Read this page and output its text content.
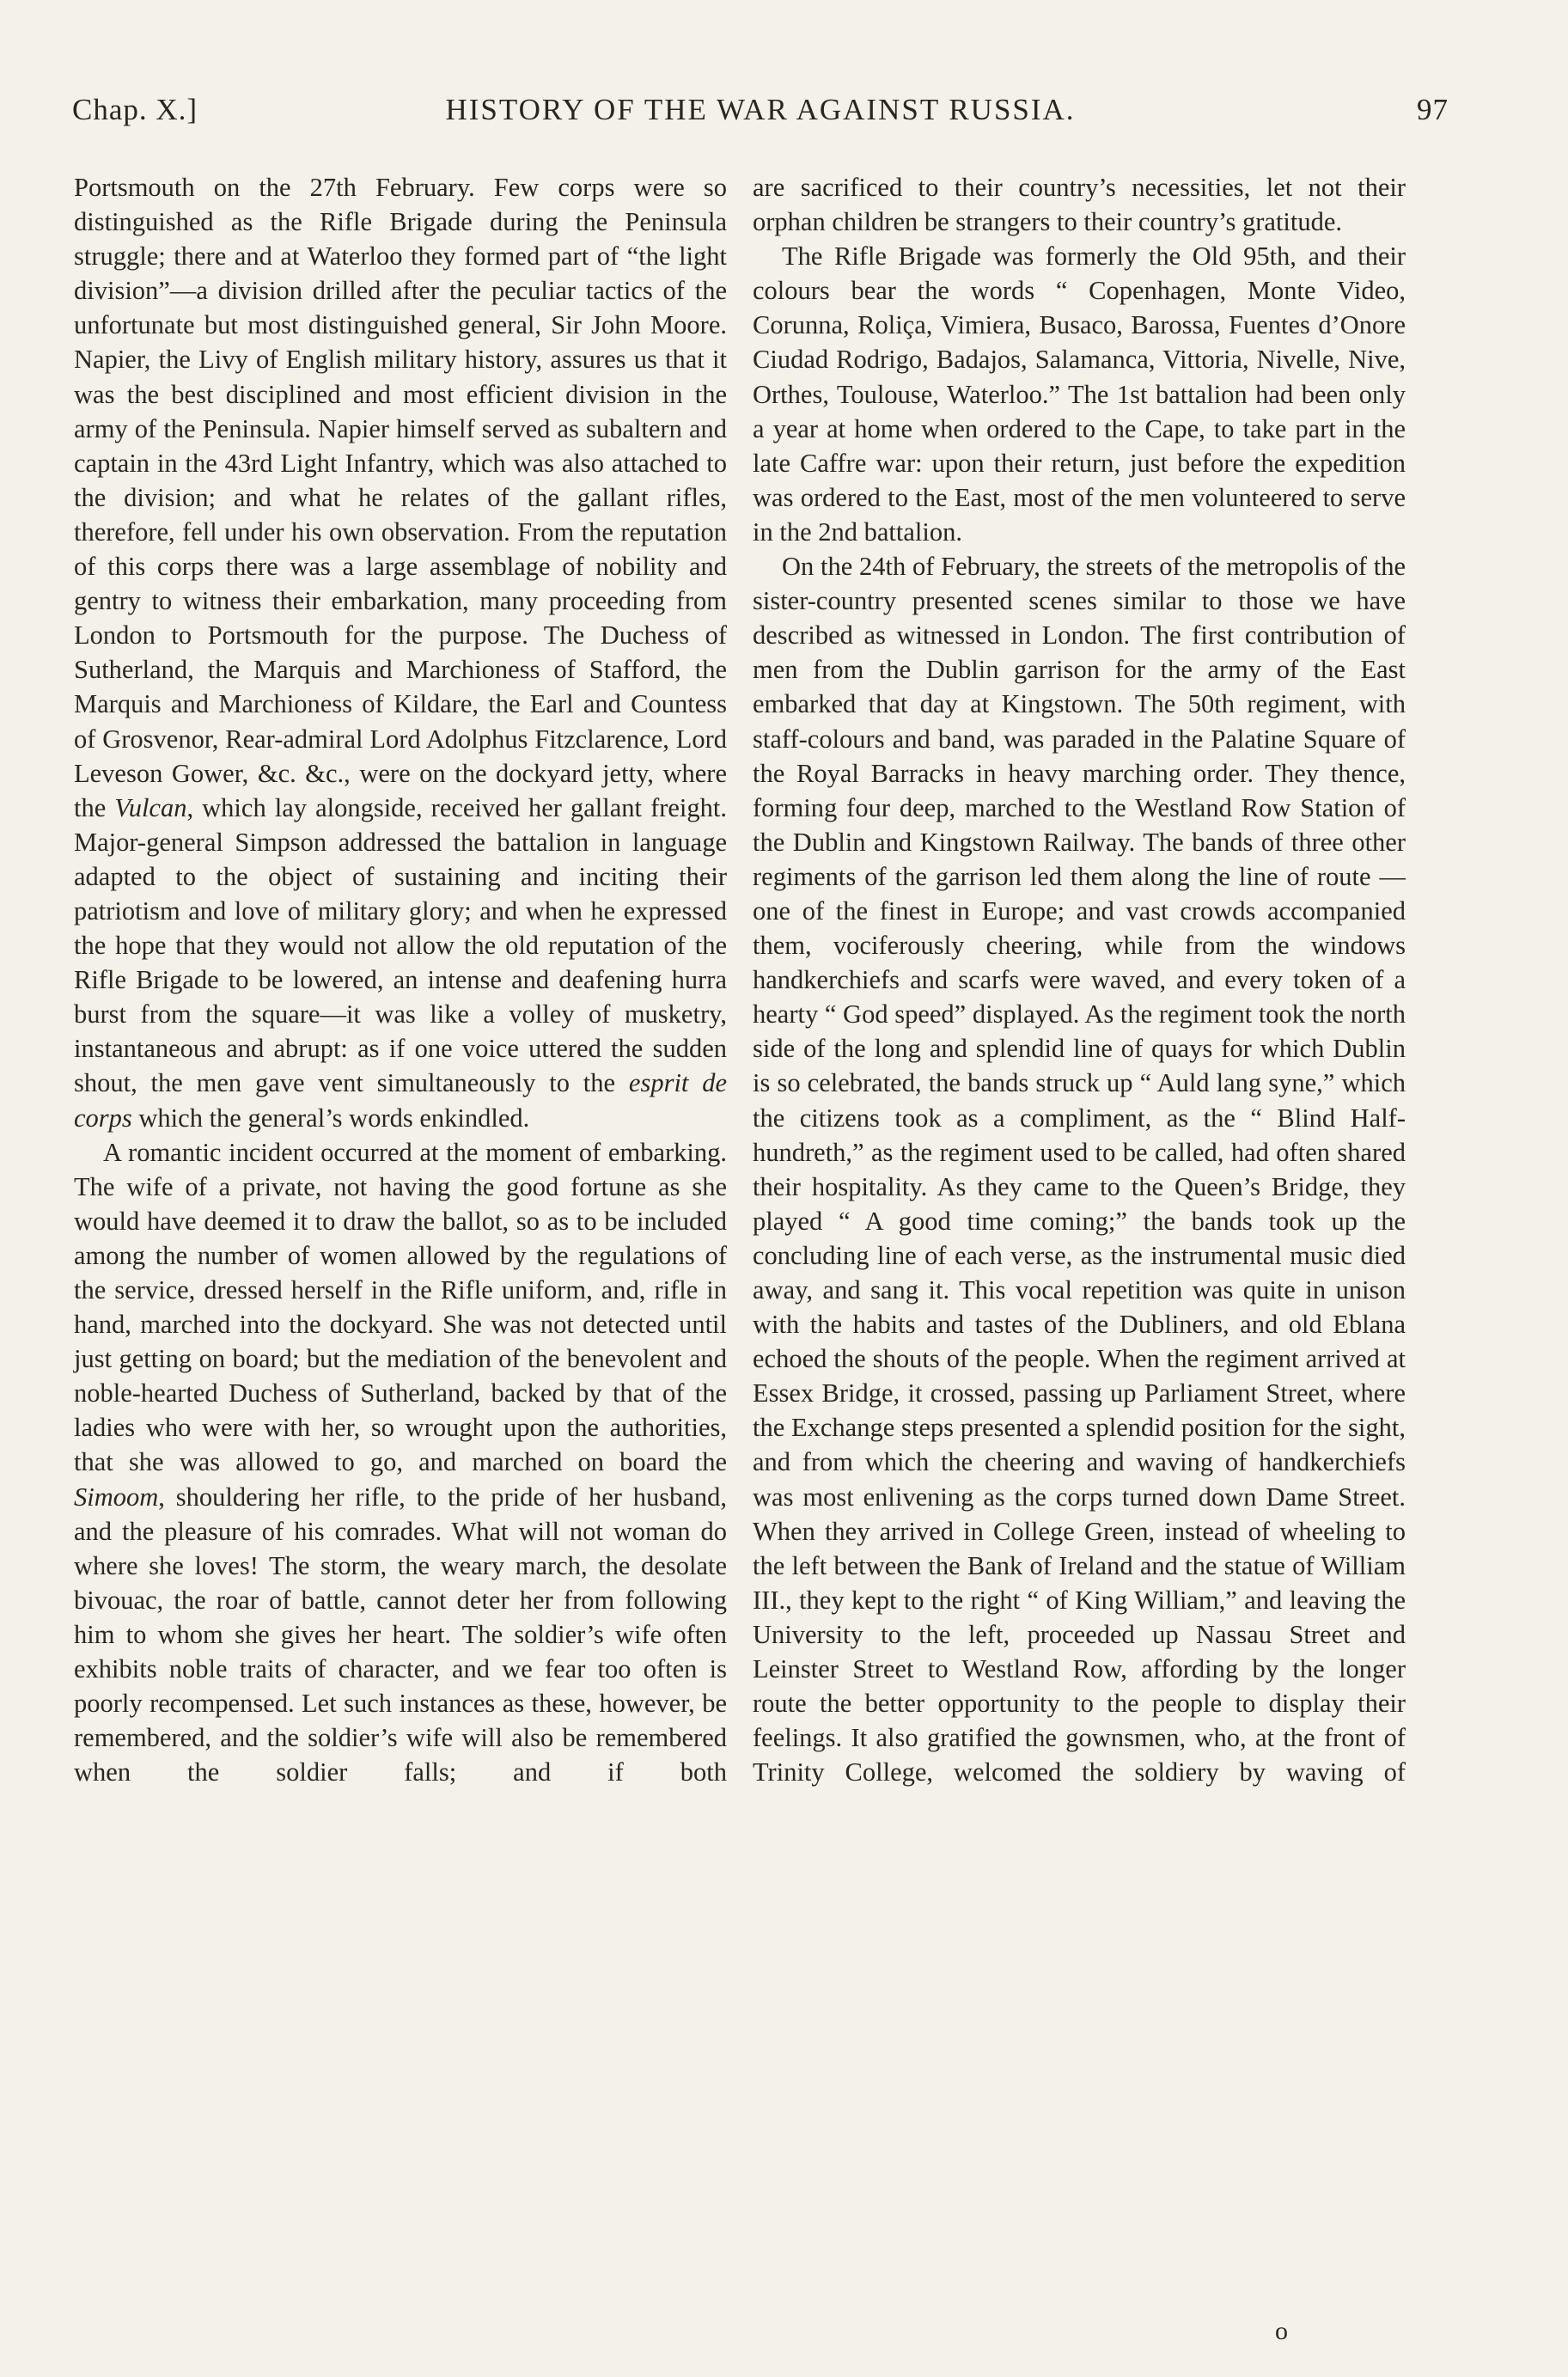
Chap. X.]	HISTORY OF THE WAR AGAINST RUSSIA.	97

Portsmouth on the 27th February. Few corps were so distinguished as the Rifle Brigade during the Peninsula struggle; there and at Waterloo they formed part of “the light division”—a division drilled after the peculiar tactics of the unfortunate but most distinguished general, Sir John Moore. Napier, the Livy of English military history, assures us that it was the best disciplined and most efficient division in the army of the Peninsula. Napier himself served as subaltern and captain in the 43rd Light Infantry, which was also attached to the division; and what he relates of the gallant rifles, therefore, fell under his own observation. From the reputation of this corps there was a large assemblage of nobility and gentry to witness their embarkation, many proceeding from London to Portsmouth for the purpose. The Duchess of Sutherland, the Marquis and Marchioness of Stafford, the Marquis and Marchioness of Kildare, the Earl and Countess of Grosvenor, Rear-admiral Lord Adolphus Fitzclarence, Lord Leveson Gower, &c. &c., were on the dockyard jetty, where the Vulcan, which lay alongside, received her gallant freight. Major-general Simpson addressed the battalion in language adapted to the object of sustaining and inciting their patriotism and love of military glory; and when he expressed the hope that they would not allow the old reputation of the Rifle Brigade to be lowered, an intense and deafening hurra burst from the square—it was like a volley of musketry, instantaneous and abrupt: as if one voice uttered the sudden shout, the men gave vent simultaneously to the esprit de corps which the general’s words enkindled.

A romantic incident occurred at the moment of embarking. The wife of a private, not having the good fortune as she would have deemed it to draw the ballot, so as to be included among the number of women allowed by the regulations of the service, dressed herself in the Rifle uniform, and, rifle in hand, marched into the dockyard. She was not detected until just getting on board; but the mediation of the benevolent and noble-hearted Duchess of Sutherland, backed by that of the ladies who were with her, so wrought upon the authorities, that she was allowed to go, and marched on board the Simoom, shouldering her rifle, to the pride of her husband, and the pleasure of his comrades. What will not woman do where she loves! The storm, the weary march, the desolate bivouac, the roar of battle, cannot deter her from following him to whom she gives her heart. The soldier’s wife often exhibits noble traits of character, and we fear too often is poorly recompensed. Let such instances as these, however, be remembered, and the soldier’s wife will also be remembered when the soldier falls; and if both

are sacrificed to their country’s necessities, let not their orphan children be strangers to their country’s gratitude.

The Rifle Brigade was formerly the Old 95th, and their colours bear the words “ Copenhagen, Monte Video, Corunna, Roliça, Vimiera, Busaco, Barossa, Fuentes d’Onore Ciudad Rodrigo, Badajos, Salamanca, Vittoria, Nivelle, Nive, Orthes, Toulouse, Waterloo.” The 1st battalion had been only a year at home when ordered to the Cape, to take part in the late Caffre war: upon their return, just before the expedition was ordered to the East, most of the men volunteered to serve in the 2nd battalion.

On the 24th of February, the streets of the metropolis of the sister-country presented scenes similar to those we have described as witnessed in London. The first contribution of men from the Dublin garrison for the army of the East embarked that day at Kingstown. The 50th regiment, with staff-colours and band, was paraded in the Palatine Square of the Royal Barracks in heavy marching order. They thence, forming four deep, marched to the Westland Row Station of the Dublin and Kingstown Railway. The bands of three other regiments of the garrison led them along the line of route —one of the finest in Europe; and vast crowds accompanied them, vociferously cheering, while from the windows handkerchiefs and scarfs were waved, and every token of a hearty “ God speed” displayed. As the regiment took the north side of the long and splendid line of quays for which Dublin is so celebrated, the bands struck up “ Auld lang syne,” which the citizens took as a compliment, as the “ Blind Half-hundreth,” as the regiment used to be called, had often shared their hospitality. As they came to the Queen’s Bridge, they played “ A good time coming;” the bands took up the concluding line of each verse, as the instrumental music died away, and sang it. This vocal repetition was quite in unison with the habits and tastes of the Dubliners, and old Eblana echoed the shouts of the people. When the regiment arrived at Essex Bridge, it crossed, passing up Parliament Street, where the Exchange steps presented a splendid position for the sight, and from which the cheering and waving of handkerchiefs was most enlivening as the corps turned down Dame Street. When they arrived in College Green, instead of wheeling to the left between the Bank of Ireland and the statue of William III., they kept to the right “ of King William,” and leaving the University to the left, proceeded up Nassau Street and Leinster Street to Westland Row, affording by the longer route the better opportunity to the people to display their feelings. It also gratified the gownsmen, who, at the front of Trinity College, welcomed the soldiery by waving of

o
